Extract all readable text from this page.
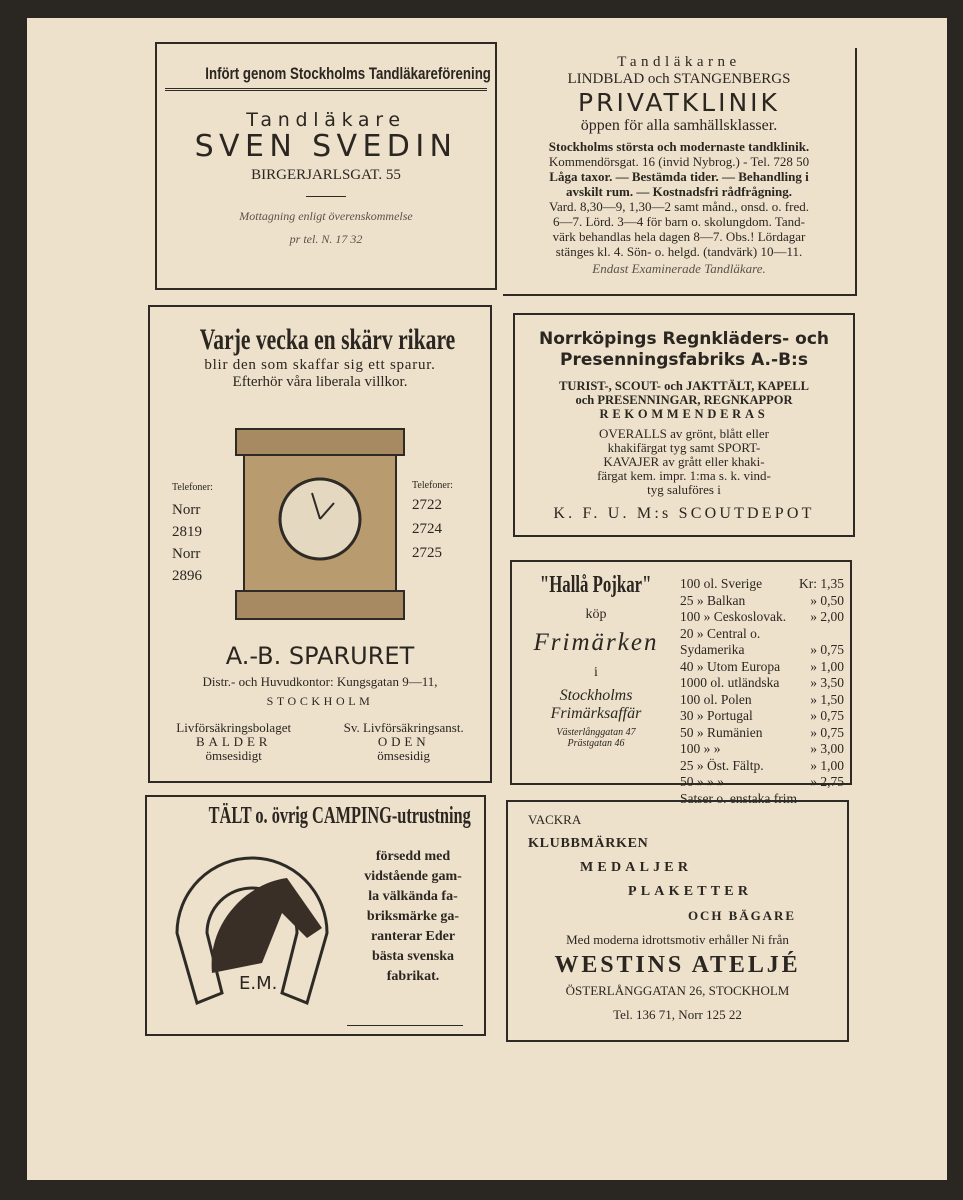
Infört genom Stockholms Tandläkareförening

Tandläkare

SVEN SVEDIN

BIRGERJARLSGAT. 55

Mottagning enligt överenskommelse

pr tel. N. 17 32

Tandläkarne

LINDBLAD och STANGENBERGS

PRIVATKLINIK

öppen för alla samhällsklasser.

Stockholms största och modernaste tandklinik.

Kommendörsgat. 16 (invid Nybrog.) - Tel. 728 50

Låga taxor. — Bestämda tider. — Behandling i

avskilt rum. — Kostnadsfri rådfrågning.

Vard. 8,30—9, 1,30—2 samt månd., onsd. o. fred.

6—7. Lörd. 3—4 för barn o. skolungdom. Tand-

värk behandlas hela dagen 8—7. Obs.! Lördagar

stänges kl. 4. Sön- o. helgd. (tandvärk) 10—11.

Endast Examinerade Tandläkare.

Varje vecka en skärv rikare

blir den som skaffar sig ett sparur.

Efterhör våra liberala villkor.

Telefoner:

Norr

2819

Norr

2896

Telefoner:

2722

2724

2725

A.-B. SPARURET

Distr.- och Huvudkontor: Kungsgatan 9—11,

STOCKHOLM

Livförsäkringsbolaget

BALDER

ömsesidigt

Sv. Livförsäkringsanst.

ODEN

ömsesidig

Norrköpings Regnkläders- och

Presenningsfabriks A.-B:s

TURIST-, SCOUT- och JAKTTÄLT, KAPELL

och PRESENNINGAR, REGNKAPPOR

REKOMMENDERAS

OVERALLS av grönt, blått eller

khakifärgat tyg samt SPORT-

KAVAJER av grått eller khaki-

färgat kem. impr. 1:ma s. k. vind-

tyg saluföres i

K. F. U. M:s SCOUTDEPOT

"Hallå Pojkar"

köp

Frimärken

i

Stockholms

Frimärksaffär

Västerlånggatan 47

Prästgatan 46

100 ol. Sverige	Kr: 1,35
25 » Balkan	» 0,50
100 » Ceskoslovak. » 2,00
20 » Central o.
Sydamerika	» 0,75
40 » Utom Europa » 1,00
1000 ol. utländska » 3,50
100 ol. Polen	» 1,50
30 » Portugal	» 0,75
50 » Rumänien	» 0,75
100 » »	» 3,00
25 » Öst. Fältp.	» 1,00
50 » » »	» 2,75

Satser o. enstaka frim

TÄLT o. övrig CAMPING-utrustning

E.M.

försedd med

vidstående gam-

la välkända fa-

briksmärke ga-

ranterar Eder

bästa svenska

fabrikat.

VACKRA

KLUBBMÄRKEN

MEDALJER

PLAKETTER

OCH BÄGARE

Med moderna idrottsmotiv erhåller Ni från

WESTINS ATELJÉ

ÖSTERLÅNGGATAN 26, STOCKHOLM

Tel. 136 71, Norr 125 22
